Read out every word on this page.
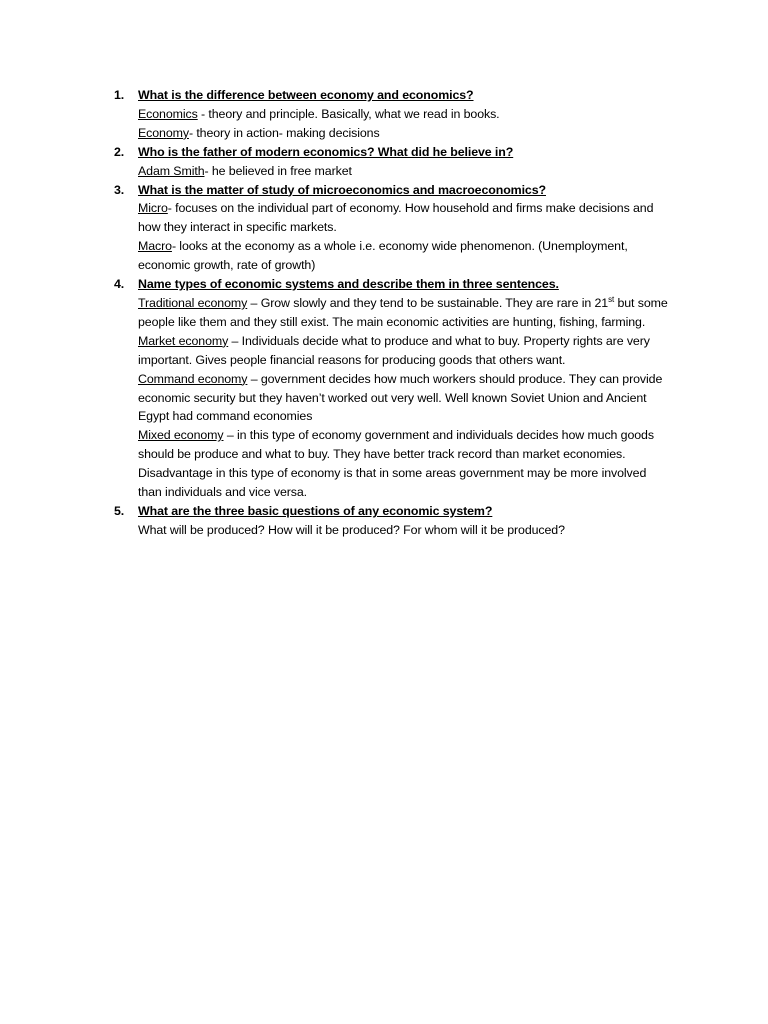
1. What is the difference between economy and economics?
Economics - theory and principle. Basically, what we read in books.
Economy- theory in action- making decisions
2. Who is the father of modern economics? What did he believe in?
Adam Smith- he believed in free market
3. What is the matter of study of microeconomics and macroeconomics?
Micro- focuses on the individual part of economy. How household and firms make decisions and how they interact in specific markets.
Macro- looks at the economy as a whole i.e. economy wide phenomenon. (Unemployment, economic growth, rate of growth)
4. Name types of economic systems and describe them in three sentences.
Traditional economy – Grow slowly and they tend to be sustainable. They are rare in 21st but some people like them and they still exist. The main economic activities are hunting, fishing, farming.
Market economy – Individuals decide what to produce and what to buy. Property rights are very important. Gives people financial reasons for producing goods that others want.
Command economy – government decides how much workers should produce. They can provide economic security but they haven’t worked out very well. Well known Soviet Union and Ancient Egypt had command economies
Mixed economy – in this type of economy government and individuals decides how much goods should be produce and what to buy. They have better track record than market economies. Disadvantage in this type of economy is that in some areas government may be more involved than individuals and vice versa.
5. What are the three basic questions of any economic system?
What will be produced? How will it be produced? For whom will it be produced?
